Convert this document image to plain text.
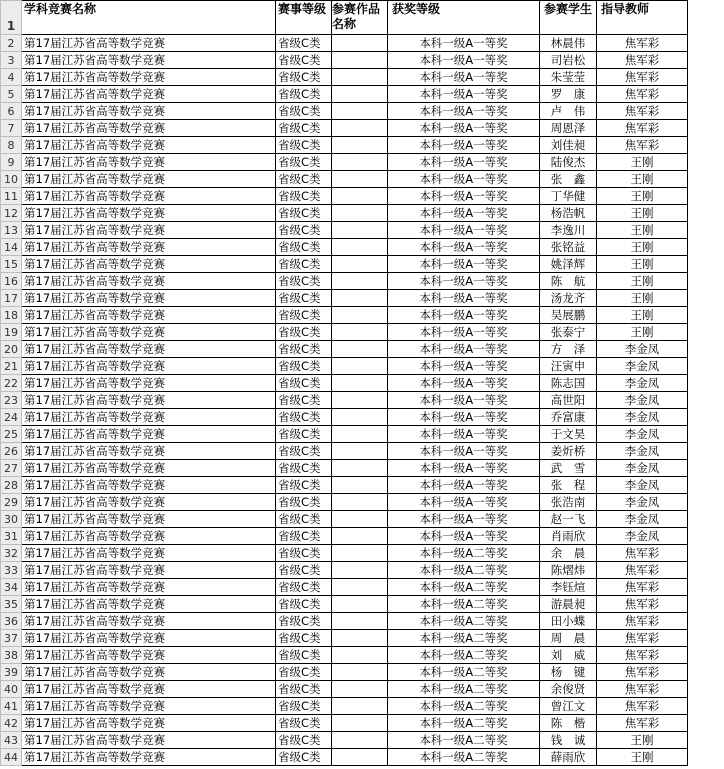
1	学科竞赛名称	赛事等级	参赛作品名称	获奖等级	参赛学生	指导教师
2	第17届江苏省高等数学竞赛	省级C类		本科一级A一等奖	林晨伟	焦军彩
3	第17届江苏省高等数学竞赛	省级C类		本科一级A一等奖	司岩松	焦军彩
4	第17届江苏省高等数学竞赛	省级C类		本科一级A一等奖	朱莹莹	焦军彩
5	第17届江苏省高等数学竞赛	省级C类		本科一级A一等奖	罗　康	焦军彩
6	第17届江苏省高等数学竞赛	省级C类		本科一级A一等奖	卢　伟	焦军彩
7	第17届江苏省高等数学竞赛	省级C类		本科一级A一等奖	周恩泽	焦军彩
8	第17届江苏省高等数学竞赛	省级C类		本科一级A一等奖	刘佳昶	焦军彩
9	第17届江苏省高等数学竞赛	省级C类		本科一级A一等奖	陆俊杰	王刚
10	第17届江苏省高等数学竞赛	省级C类		本科一级A一等奖	张　鑫	王刚
11	第17届江苏省高等数学竞赛	省级C类		本科一级A一等奖	丁华健	王刚
12	第17届江苏省高等数学竞赛	省级C类		本科一级A一等奖	杨浩帆	王刚
13	第17届江苏省高等数学竞赛	省级C类		本科一级A一等奖	李逸川	王刚
14	第17届江苏省高等数学竞赛	省级C类		本科一级A一等奖	张铭益	王刚
15	第17届江苏省高等数学竞赛	省级C类		本科一级A一等奖	姚泽辉	王刚
16	第17届江苏省高等数学竞赛	省级C类		本科一级A一等奖	陈　航	王刚
17	第17届江苏省高等数学竞赛	省级C类		本科一级A一等奖	汤龙齐	王刚
18	第17届江苏省高等数学竞赛	省级C类		本科一级A一等奖	吴展鹏	王刚
19	第17届江苏省高等数学竞赛	省级C类		本科一级A一等奖	张泰宁	王刚
20	第17届江苏省高等数学竞赛	省级C类		本科一级A一等奖	方　泽	李金凤
21	第17届江苏省高等数学竞赛	省级C类		本科一级A一等奖	汪寅申	李金凤
22	第17届江苏省高等数学竞赛	省级C类		本科一级A一等奖	陈志国	李金凤
23	第17届江苏省高等数学竞赛	省级C类		本科一级A一等奖	高世阳	李金凤
24	第17届江苏省高等数学竞赛	省级C类		本科一级A一等奖	乔富康	李金凤
25	第17届江苏省高等数学竞赛	省级C类		本科一级A一等奖	于文昊	李金凤
26	第17届江苏省高等数学竞赛	省级C类		本科一级A一等奖	姜炘桥	李金凤
27	第17届江苏省高等数学竞赛	省级C类		本科一级A一等奖	武　雪	李金凤
28	第17届江苏省高等数学竞赛	省级C类		本科一级A一等奖	张　程	李金凤
29	第17届江苏省高等数学竞赛	省级C类		本科一级A一等奖	张浩南	李金凤
30	第17届江苏省高等数学竞赛	省级C类		本科一级A一等奖	赵一飞	李金凤
31	第17届江苏省高等数学竞赛	省级C类		本科一级A一等奖	肖雨欣	李金凤
32	第17届江苏省高等数学竞赛	省级C类		本科一级A二等奖	余　晨	焦军彩
33	第17届江苏省高等数学竞赛	省级C类		本科一级A二等奖	陈熠炜	焦军彩
34	第17届江苏省高等数学竞赛	省级C类		本科一级A二等奖	李钰煊	焦军彩
35	第17届江苏省高等数学竞赛	省级C类		本科一级A二等奖	游晨昶	焦军彩
36	第17届江苏省高等数学竞赛	省级C类		本科一级A二等奖	田小蝶	焦军彩
37	第17届江苏省高等数学竞赛	省级C类		本科一级A二等奖	周　晨	焦军彩
38	第17届江苏省高等数学竞赛	省级C类		本科一级A二等奖	刘　威	焦军彩
39	第17届江苏省高等数学竞赛	省级C类		本科一级A二等奖	杨　键	焦军彩
40	第17届江苏省高等数学竞赛	省级C类		本科一级A二等奖	余俊贤	焦军彩
41	第17届江苏省高等数学竞赛	省级C类		本科一级A二等奖	曾江文	焦军彩
42	第17届江苏省高等数学竞赛	省级C类		本科一级A二等奖	陈　楷	焦军彩
43	第17届江苏省高等数学竞赛	省级C类		本科一级A二等奖	钱　诚	王刚
44	第17届江苏省高等数学竞赛	省级C类		本科一级A二等奖	薛雨欣	王刚
